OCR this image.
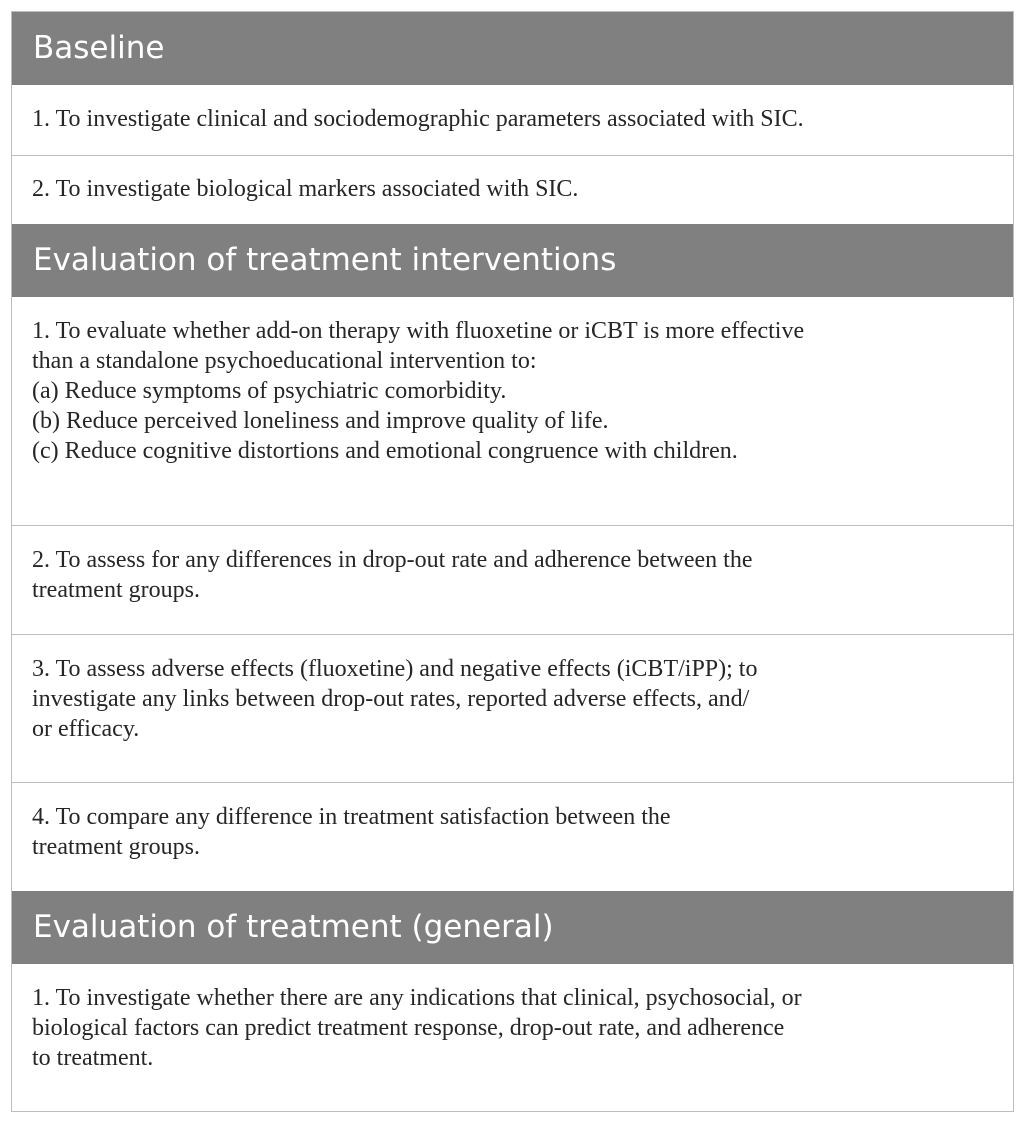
Baseline
1. To investigate clinical and sociodemographic parameters associated with SIC.
2. To investigate biological markers associated with SIC.
Evaluation of treatment interventions
1. To evaluate whether add-on therapy with fluoxetine or iCBT is more effective
than a standalone psychoeducational intervention to:
(a) Reduce symptoms of psychiatric comorbidity.
(b) Reduce perceived loneliness and improve quality of life.
(c) Reduce cognitive distortions and emotional congruence with children.
2. To assess for any differences in drop-out rate and adherence between the
treatment groups.
3. To assess adverse effects (fluoxetine) and negative effects (iCBT/iPP); to
investigate any links between drop-out rates, reported adverse effects, and/
or efficacy.
4. To compare any difference in treatment satisfaction between the
treatment groups.
Evaluation of treatment (general)
1. To investigate whether there are any indications that clinical, psychosocial, or
biological factors can predict treatment response, drop-out rate, and adherence
to treatment.
